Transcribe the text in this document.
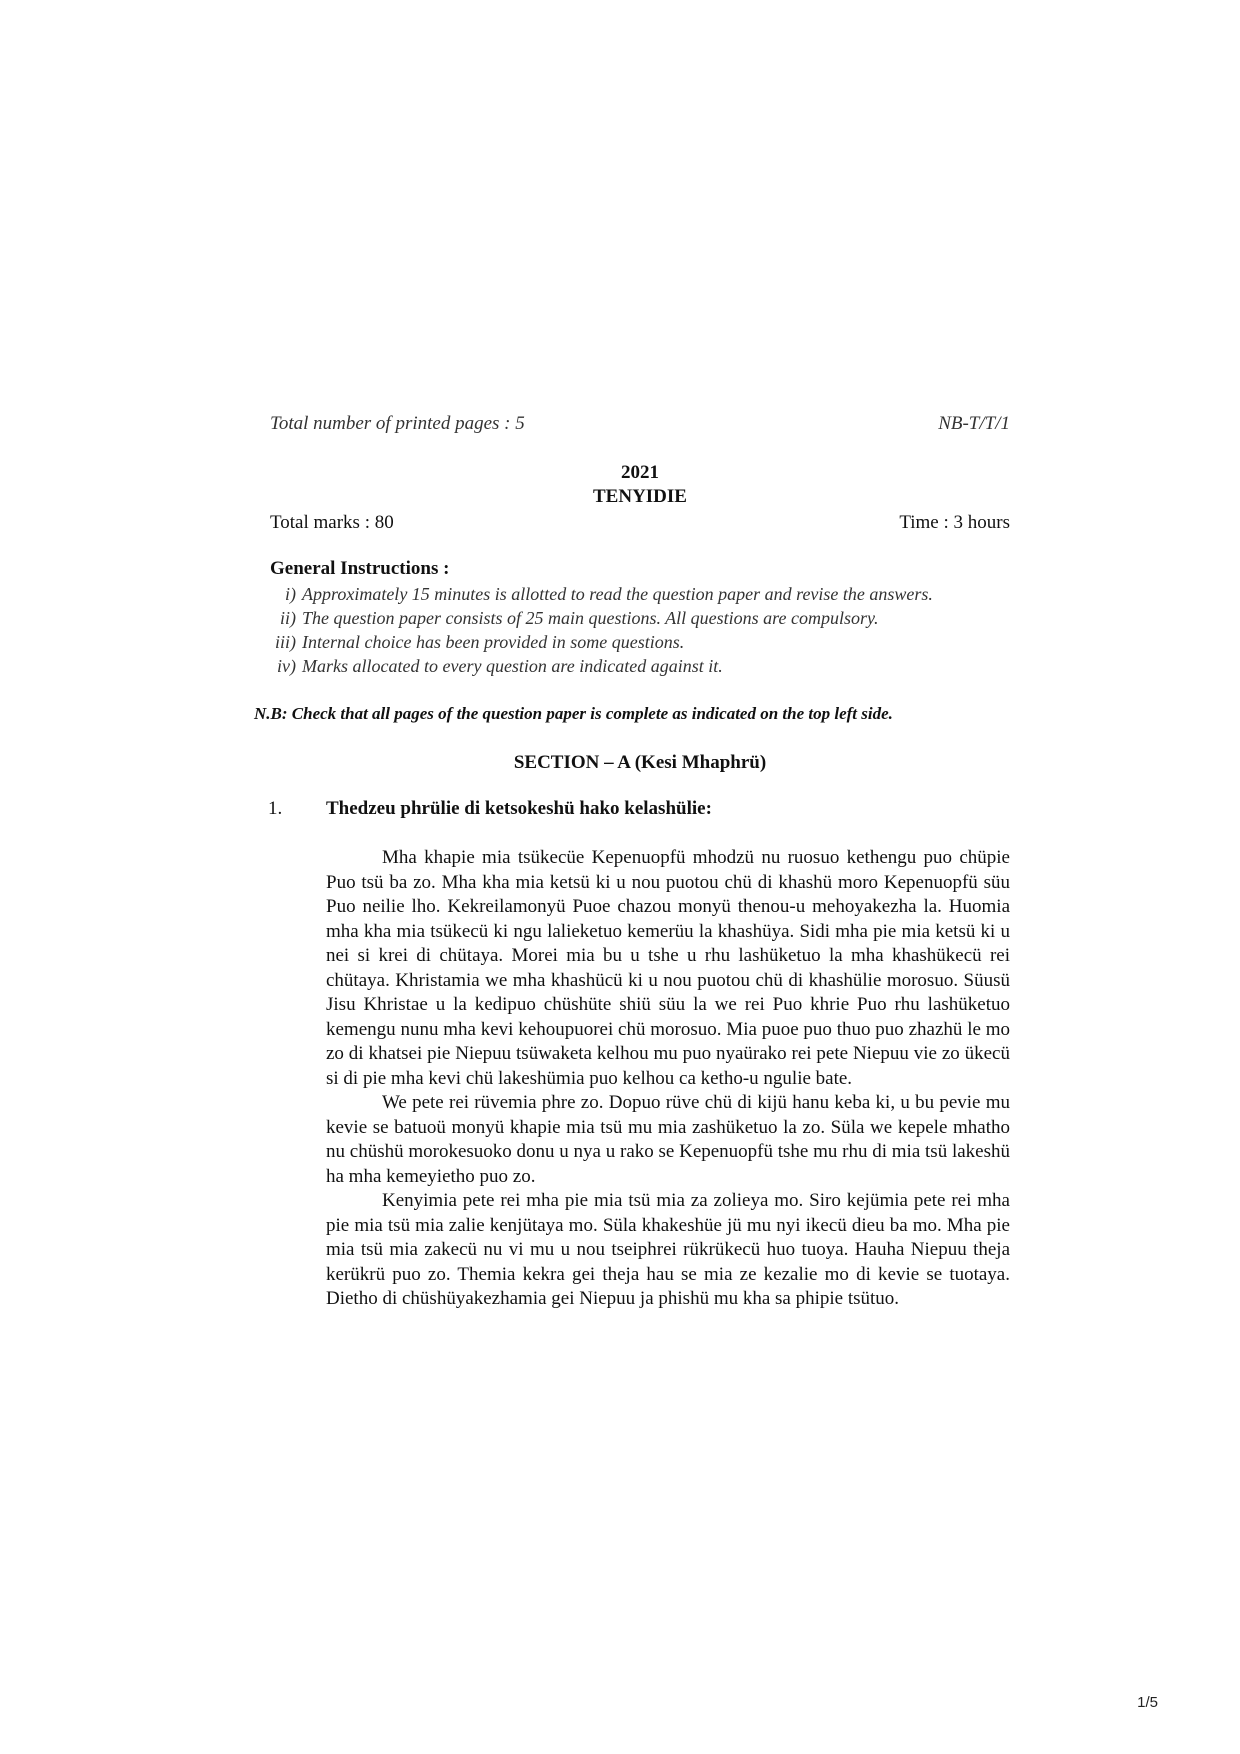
Total number of printed pages : 5	NB-T/T/1
2021
TENYIDIE
Total marks : 80	Time : 3 hours
General Instructions :
i) Approximately 15 minutes is allotted to read the question paper and revise the answers.
ii) The question paper consists of 25 main questions. All questions are compulsory.
iii) Internal choice has been provided in some questions.
iv) Marks allocated to every question are indicated against it.
N.B: Check that all pages of the question paper is complete as indicated on the top left side.
SECTION – A (Kesi Mhaphrü)
1. Thedzeu phrülie di ketsokeshü hako kelashülie:

Mha khapie mia tsükecüe Kepenuopfü mhodzü nu ruosuo kethengu puo chüpie Puo tsü ba zo. Mha kha mia ketsü ki u nou puotou chü di khashü moro Kepenuopfü süu Puo neilie lho. Kekreilamonyü Puoe chazou monyü thenou-u mehoyakezha la. Huomia mha kha mia tsükecü ki ngu lalieketuo kemerüu la khashüya. Sidi mha pie mia ketsü ki u nei si krei di chütaya. Morei mia bu u tshe u rhu lashüketuo la mha khashükecü rei chütaya. Khristamia we mha khashücü ki u nou puotou chü di khashülie morosuo. Süusü Jisu Khristae u la kedipuo chüshüte shiü süu la we rei Puo khrie Puo rhu lashüketuo kemengu nunu mha kevi kehoupuorei chü morosuo. Mia puoe puo thuo puo zhazhü le mo zo di khatsei pie Niepuu tsüwaketa kelhou mu puo nyaürako rei pete Niepuu vie zo ükecü si di pie mha kevi chü lakeshümia puo kelhou ca ketho-u ngulie bate.

We pete rei rüvemia phre zo. Dopuo rüve chü di kijü hanu keba ki, u bu pevie mu kevie se batuoü monyü khapie mia tsü mu mia zashüketuo la zo. Süla we kepele mhatho nu chüshü morokesuoko donu u nya u rako se Kepenuopfü tshe mu rhu di mia tsü lakeshü ha mha kemeyietho puo zo.

Kenyimia pete rei mha pie mia tsü mia za zolieya mo. Siro kejümia pete rei mha pie mia tsü mia zalie kenjütaya mo. Süla khakeshüe jü mu nyi ikecü dieu ba mo. Mha pie mia tsü mia zakecü nu vi mu u nou tseiphrei rükrükecü huo tuoya. Hauha Niepuu theja kerükrü puo zo. Themia kekra gei theja hau se mia ze kezalie mo di kevie se tuotaya. Dietho di chüshüyakezhamia gei Niepuu ja phishü mu kha sa phipie tsütuo.

1/5
